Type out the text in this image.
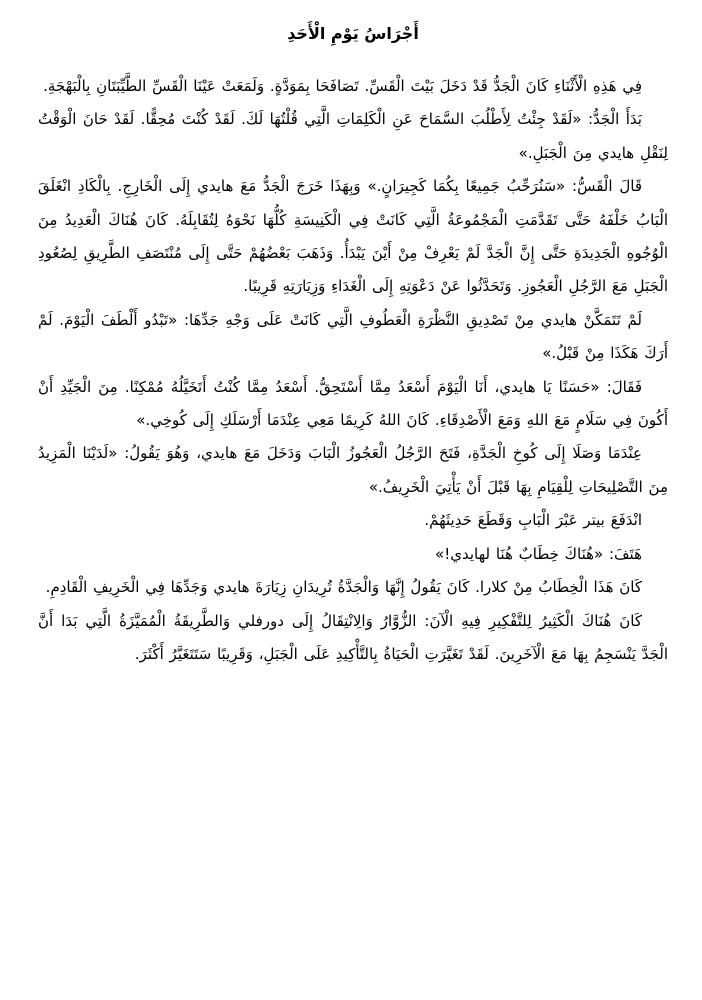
أَجْرَاسُ يَوْمِ الْأَحَدِ

فِي هَذِهِ الْأَثْنَاءِ كَانَ الْجَدُّ قَدْ دَخَلَ بَيْتَ الْقَسِّ. تَصَافَحَا بِمَوَدَّةٍ. وَلَمَعَتْ عَيْنَا الْقَسِّ الطَّيِّبَتَانِ بِالْبَهْجَةِ.

بَدَأَ الْجَدُّ: «لَقَدْ جِئْتُ لِأَطْلُبَ السَّمَاحَ عَنِ الْكَلِمَاتِ الَّتِي قُلْتُهَا لَكَ. لَقَدْ كُنْتَ مُحِقًّا. لَقَدْ حَانَ الْوَقْتُ لِنَقْلِ هايدي مِنَ الْجَبَلِ.»

قَالَ الْقَسُّ: «سَنُرَحِّبُ جَمِيعًا بِكُمَا كَجِيرَانٍ.» وَبِهَذَا خَرَجَ الْجَدُّ مَعَ هايدي إِلَى الْخَارِجِ. بِالْكَادِ انْغَلَقَ الْبَابُ خَلْفَهُ حَتَّى تَقَدَّمَتِ الْمَجْمُوعَةُ الَّتِي كَانَتْ فِي الْكَنِيسَةِ كُلُّهَا نَحْوَهُ لِتُقَابِلَهُ. كَانَ هُنَاكَ الْعَدِيدُ مِنَ الْوُجُوهِ الْجَدِيدَةِ حَتَّى إِنَّ الْجَدَّ لَمْ يَعْرِفْ مِنْ أَيْنَ يَبْدَأُ. وَذَهَبَ بَعْضُهُمْ حَتَّى إِلَى مُنْتَصَفِ الطَّرِيقِ لِصُعُودِ الْجَبَلِ مَعَ الرَّجُلِ الْعَجُوزِ. وَتَحَدَّثُوا عَنْ دَعْوَتِهِ إِلَى الْغَدَاءِ وَزِيَارَتِهِ قَرِيبًا.

لَمْ تَتَمَكَّنْ هايدي مِنْ تَصْدِيقِ النَّظْرَةِ الْعَطُوفِ الَّتِي كَانَتْ عَلَى وَجْهِ جَدِّهَا: «تَبْدُو أَلْطَفَ الْيَوْمَ. لَمْ أَرَكَ هَكَذَا مِنْ قَبْلُ.»

فَقَالَ: «حَسَنًا يَا هايدي، أَنَا الْيَوْمَ أَسْعَدُ مِمَّا أَسْتَحِقُّ. أَسْعَدُ مِمَّا كُنْتُ أَتَخَيَّلُهُ مُمْكِنًا. مِنَ الْجَيِّدِ أَنْ أَكُونَ فِي سَلَامٍ مَعَ اللهِ وَمَعَ الْأَصْدِقَاءِ. كَانَ اللهُ كَرِيمًا مَعِي عِنْدَمَا أَرْسَلَكِ إِلَى كُوخِي.»

عِنْدَمَا وَصَلَا إِلَى كُوخِ الْجَدَّةِ، فَتَحَ الرَّجُلُ الْعَجُوزُ الْبَابَ وَدَخَلَ مَعَ هايدي، وَهُوَ يَقُولُ: «لَدَيْنَا الْمَزِيدُ مِنَ التَّصْلِيحَاتِ لِلْقِيَامِ بِهَا قَبْلَ أَنْ يَأْتِيَ الْخَرِيفُ.»

انْدَفَعَ بيتر عَبْرَ الْبَابِ وَقَطَعَ حَدِيثَهُمْ.

هَتَفَ: «هُنَاكَ خِطَابٌ هُنَا لهايدي!»

كَانَ هَذَا الْخِطَابُ مِنْ كلارا. كَانَ يَقُولُ إِنَّهَا وَالْجَدَّةُ تُرِيدَانِ زِيَارَةَ هايدي وَجَدِّهَا فِي الْخَرِيفِ الْقَادِمِ.

كَانَ هُنَاكَ الْكَثِيرُ لِلتَّفْكِيرِ فِيهِ الْآنَ: الزُّوَّارُ وَالِانْتِقَالُ إِلَى دورفلي وَالطَّرِيقَةُ الْمُمَيَّزَةُ الَّتِي بَدَا أَنَّ الْجَدَّ يَنْسَجِمُ بِهَا مَعَ الْآخَرِينَ. لَقَدْ تَغَيَّرَتِ الْحَيَاةُ بِالتَّأْكِيدِ عَلَى الْجَبَلِ، وَقَرِيبًا سَتَتَغَيَّرُ أَكْثَرَ.
